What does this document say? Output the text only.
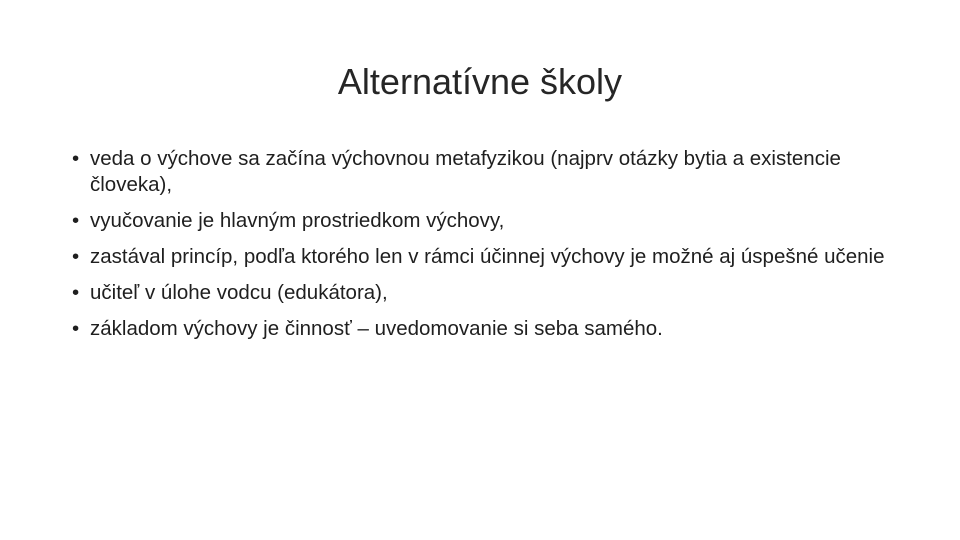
Alternatívne školy
• veda o výchove sa začína výchovnou metafyzikou (najprv otázky bytia a existencie človeka),
• vyučovanie je hlavným prostriedkom výchovy,
• zastával princíp, podľa ktorého len v rámci účinnej výchovy je možné aj úspešné učenie
• učiteľ v úlohe vodcu (edukátora),
• základom výchovy je činnosť – uvedomovanie si seba samého.
